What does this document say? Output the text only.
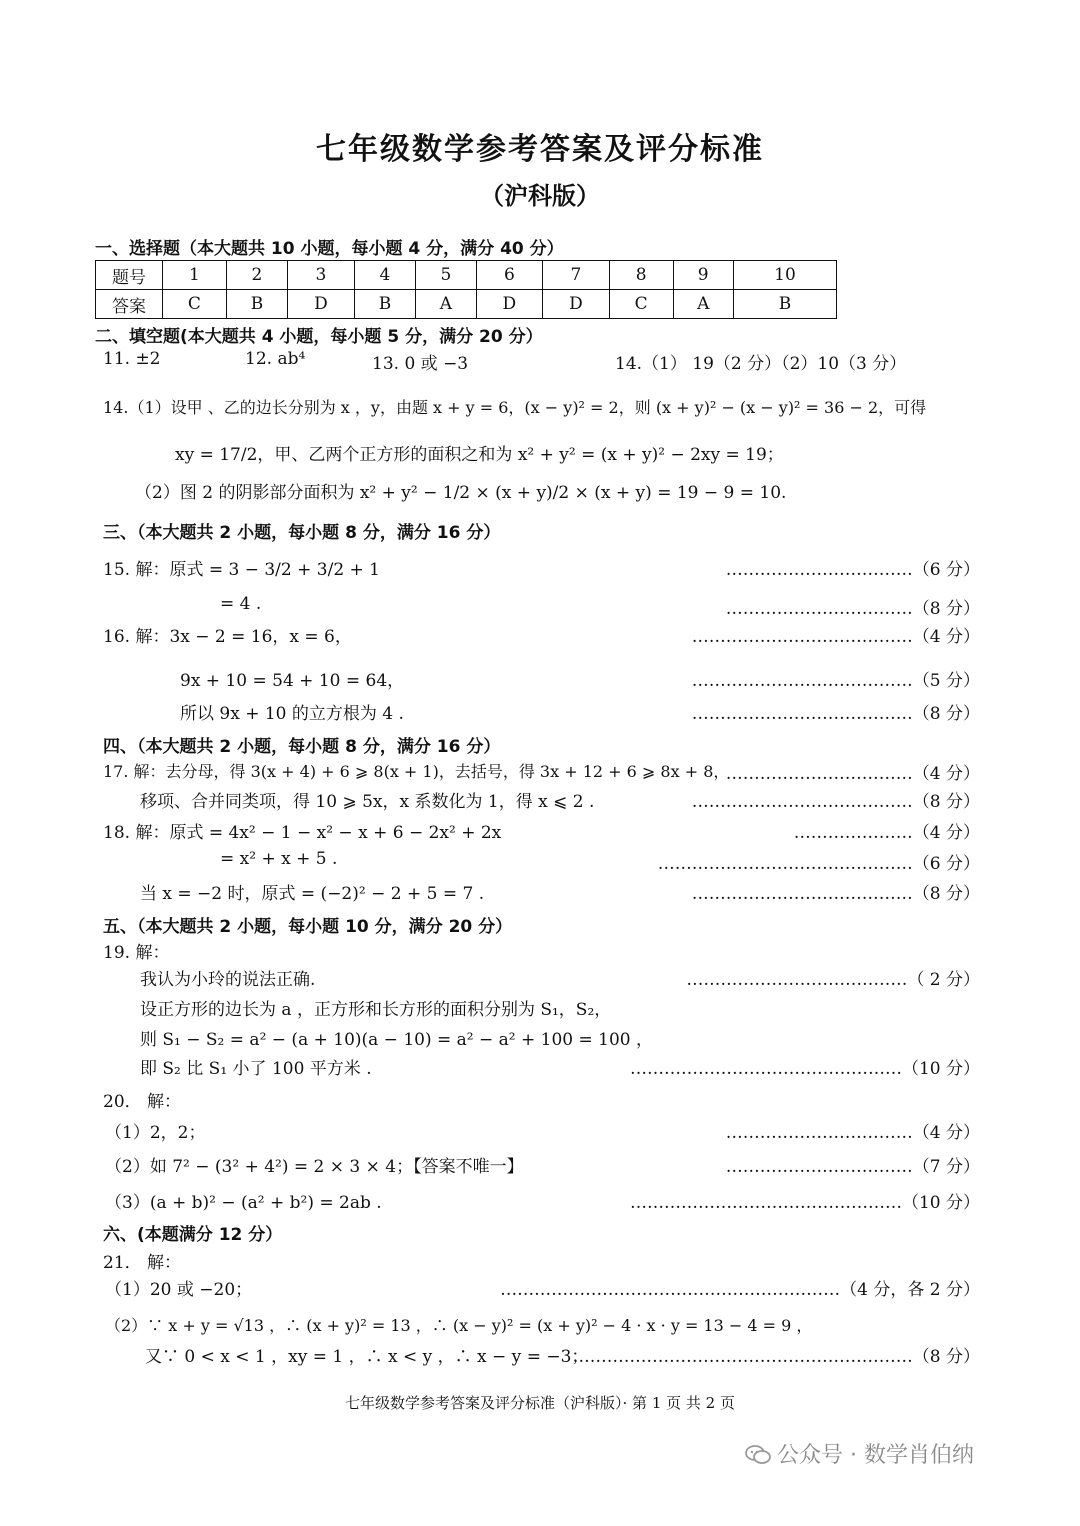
七年级数学参考答案及评分标准
（沪科版）
一、选择题（本大题共 10 小题，每小题 4 分，满分 40 分）
题号	1	2	3	4	5	6	7	8	9	10
答案	C	B	D	B	A	D	D	C	A	B
二、填空题(本大题共 4 小题，每小题 5 分，满分 20 分）
11. ±2	12. ab⁴	13. 0 或 −3	14.（1） 19（2 分）（2）10（3 分）
14.（1）设甲 、乙的边长分别为 x ，y，由题 x + y = 6，(x − y)² = 2，则 (x + y)² − (x − y)² = 36 − 2，可得
xy = 17/2，甲、乙两个正方形的面积之和为 x² + y² = (x + y)² − 2xy = 19；
（2）图 2 的阴影部分面积为 x² + y² − 1/2 × (x + y)/2 × (x + y) = 19 − 9 = 10.
三、（本大题共 2 小题，每小题 8 分，满分 16 分）
15. 解：原式 = 3 − 3/2 + 3/2 + 1	……………………………（6 分）
= 4 .	……………………………（8 分）
16. 解：3x − 2 = 16，x = 6，	…………………………………（4 分）
9x + 10 = 54 + 10 = 64，	…………………………………（5 分）
所以 9x + 10 的立方根为 4 .	…………………………………（8 分）
四、（本大题共 2 小题，每小题 8 分，满分 16 分）
17. 解：去分母，得 3(x + 4) + 6 ⩾ 8(x + 1)，去括号，得 3x + 12 + 6 ⩾ 8x + 8，
……………………………（4 分）
移项、合并同类项，得 10 ⩾ 5x，x 系数化为 1，得 x ⩽ 2 .	…………………………………（8 分）
18. 解：原式 = 4x² − 1 − x² − x + 6 − 2x² + 2x	…………………（4 分）
= x² + x + 5 .	………………………………………（6 分）
当 x = −2 时，原式 = (−2)² − 2 + 5 = 7 .	…………………………………（8 分）
五、（本大题共 2 小题，每小题 10 分，满分 20 分）
19. 解：
我认为小玲的说法正确.	…………………………………（ 2 分）
设正方形的边长为 a ，正方形和长方形的面积分别为 S₁，S₂，
则 S₁ − S₂ = a² − (a + 10)(a − 10) = a² − a² + 100 = 100 ，
即 S₂ 比 S₁ 小了 100 平方米 .	…………………………………………（10 分）
20． 解：
（1）2，2；	……………………………（4 分）
（2）如 7² − (3² + 4²) = 2 × 3 × 4；【答案不唯一】	……………………………（7 分）
（3）(a + b)² − (a² + b²) = 2ab .	…………………………………………（10 分）
六、(本题满分 12 分）
21． 解：
（1）20 或 −20；	……………………………………………………（4 分，各 2 分）
（2）∵ x + y = √13 ，∴ (x + y)² = 13 ，∴ (x − y)² = (x + y)² − 4 · x · y = 13 − 4 = 9 ，
又∵ 0 < x < 1 ，xy = 1 ，∴ x < y ，∴ x − y = −3；
……………………………………………………（8 分）
七年级数学参考答案及评分标准（沪科版）· 第 1 页 共 2 页
公众号 · 数学肖伯纳
